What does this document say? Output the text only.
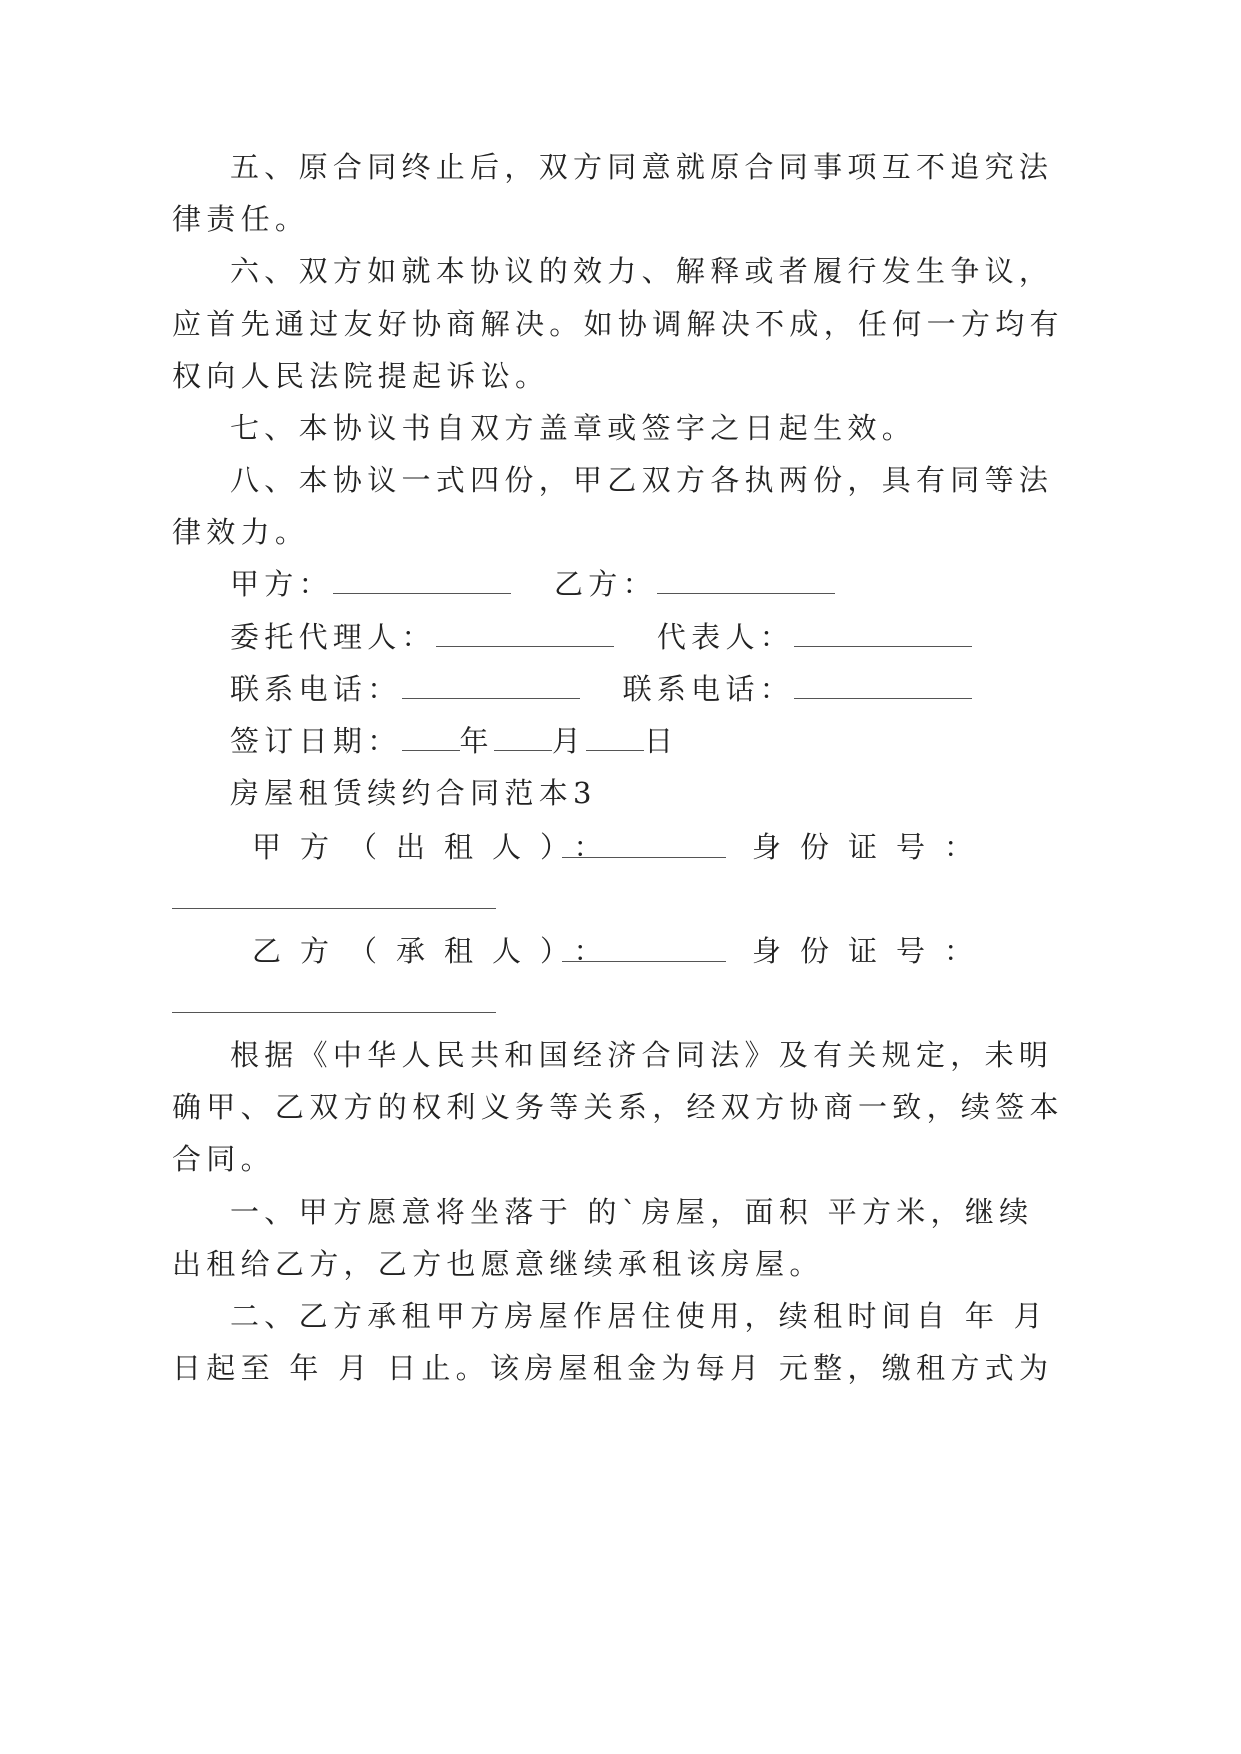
五、原合同终止后，双方同意就原合同事项互不追究法
律责任。
六、双方如就本协议的效力、解释或者履行发生争议，
应首先通过友好协商解决。如协调解决不成，任何一方均有
权向人民法院提起诉讼。
七、本协议书自双方盖章或签字之日起生效。
八、本协议一式四份，甲乙双方各执两份，具有同等法
律效力。
甲方：	乙方：
委托代理人：	代表人：
联系电话：	联系电话：
签订日期： 年 月 日
房屋租赁续约合同范本3
甲方（出租人）：	身份证号：
乙方（承租人）：	身份证号：
根据《中华人民共和国经济合同法》及有关规定，未明
确甲、乙双方的权利义务等关系，经双方协商一致，续签本
合同。
一、甲方愿意将坐落于 的`房屋，面积 平方米，继续
出租给乙方，乙方也愿意继续承租该房屋。
二、乙方承租甲方房屋作居住使用，续租时间自 年 月
日起至 年 月 日止。该房屋租金为每月 元整，缴租方式为
